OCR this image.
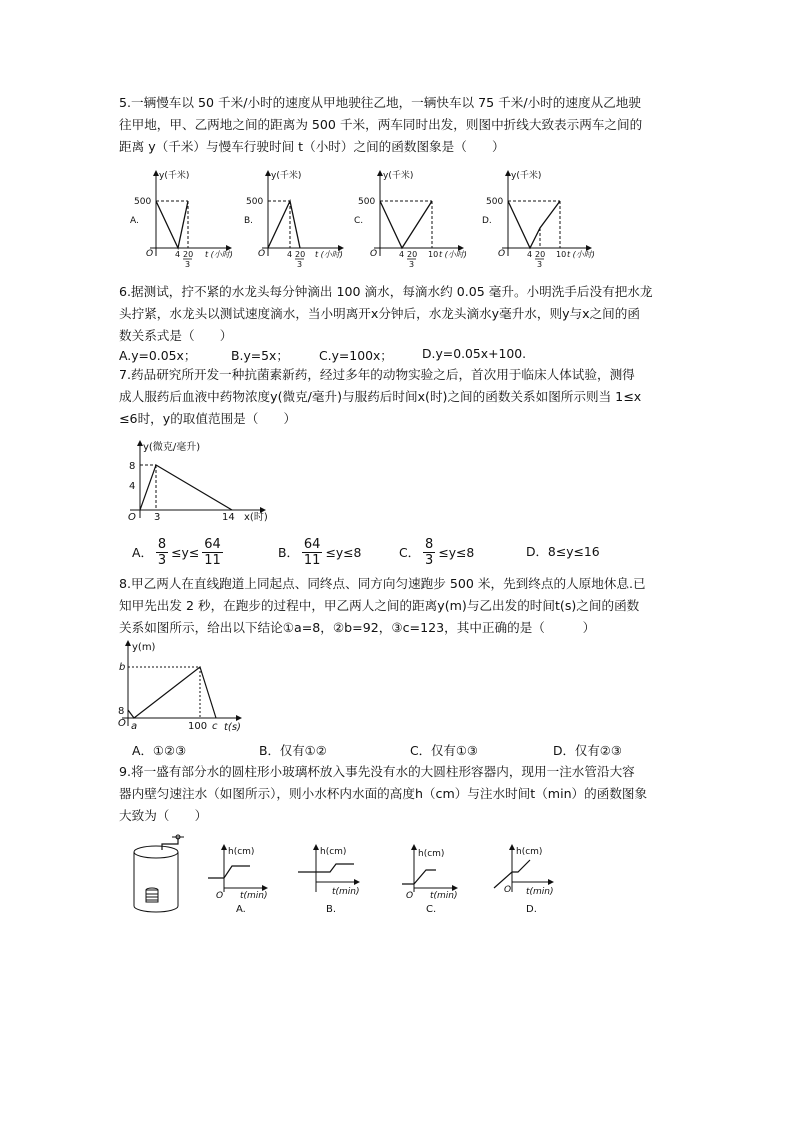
5.一辆慢车以 50 千米/小时的速度从甲地驶往乙地，一辆快车以 75 千米/小时的速度从乙地驶
往甲地，甲、乙两地之间的距离为 500 千米，两车同时出发，则图中折线大致表示两车之间的
距离 y（千米）与慢车行驶时间 t（小时）之间的函数图象是（　　）
y(千米)
500
O	4 20
3
t (小时)
A.
y(千米)
500
O	4 20
3
t (小时)
B.
y(千米)
500
O	4 20
3
10 t (小时)
C.
y(千米)
500
O	4 20
3
10 t (小时)
D.
6.据测试，拧不紧的水龙头每分钟滴出 100 滴水，每滴水约 0.05 毫升。小明洗手后没有把水龙
头拧紧，水龙头以测试速度滴水，当小明离开x分钟后，水龙头滴水y毫升水，则y与x之间的函
数关系式是（　　）
A.y=0.05x；	B.y=5x； C.y=100x； D.y=0.05x+100.
7.药品研究所开发一种抗菌素新药，经过多年的动物实验之后，首次用于临床人体试验，测得
成人服药后血液中药物浓度y(微克/毫升)与服药后时间x(时)之间的函数关系如图所示则当 1≤x
≤6时，y的取值范围是（　　）
y(微克/毫升)
8
4
O 3	14 x(时)
A． $\frac{8}{3} \le y\le \frac{64}{11}$	B． $\frac{64}{11} \le y\le 8$	C． $\frac{8}{3} \le y\le 8$	D．8≤y≤16
8.甲乙两人在直线跑道上同起点、同终点、同方向匀速跑步 500 米，先到终点的人原地休息.已
知甲先出发 2 秒，在跑步的过程中，甲乙两人之间的距离y(m)与乙出发的时间t(s)之间的函数
关系如图所示，给出以下结论①a=8，②b=92，③c=123，其中正确的是（　　　）
y(m)
b
8
O a	100 c t(s)
A．①②③	B．仅有①②	C．仅有①③	D．仅有②③
9.将一盛有部分水的圆柱形小玻璃杯放入事先没有水的大圆柱形容器内，现用一注水管沿大容
器内壁匀速注水（如图所示），则小水杯内水面的高度h（cm）与注水时间t（min）的函数图象
大致为（　　）
h(cm)
O t(min)
A.
h(cm)
t(min)
B.
h(cm)
O t(min)
C.
h(cm)
O t(min)
D.
